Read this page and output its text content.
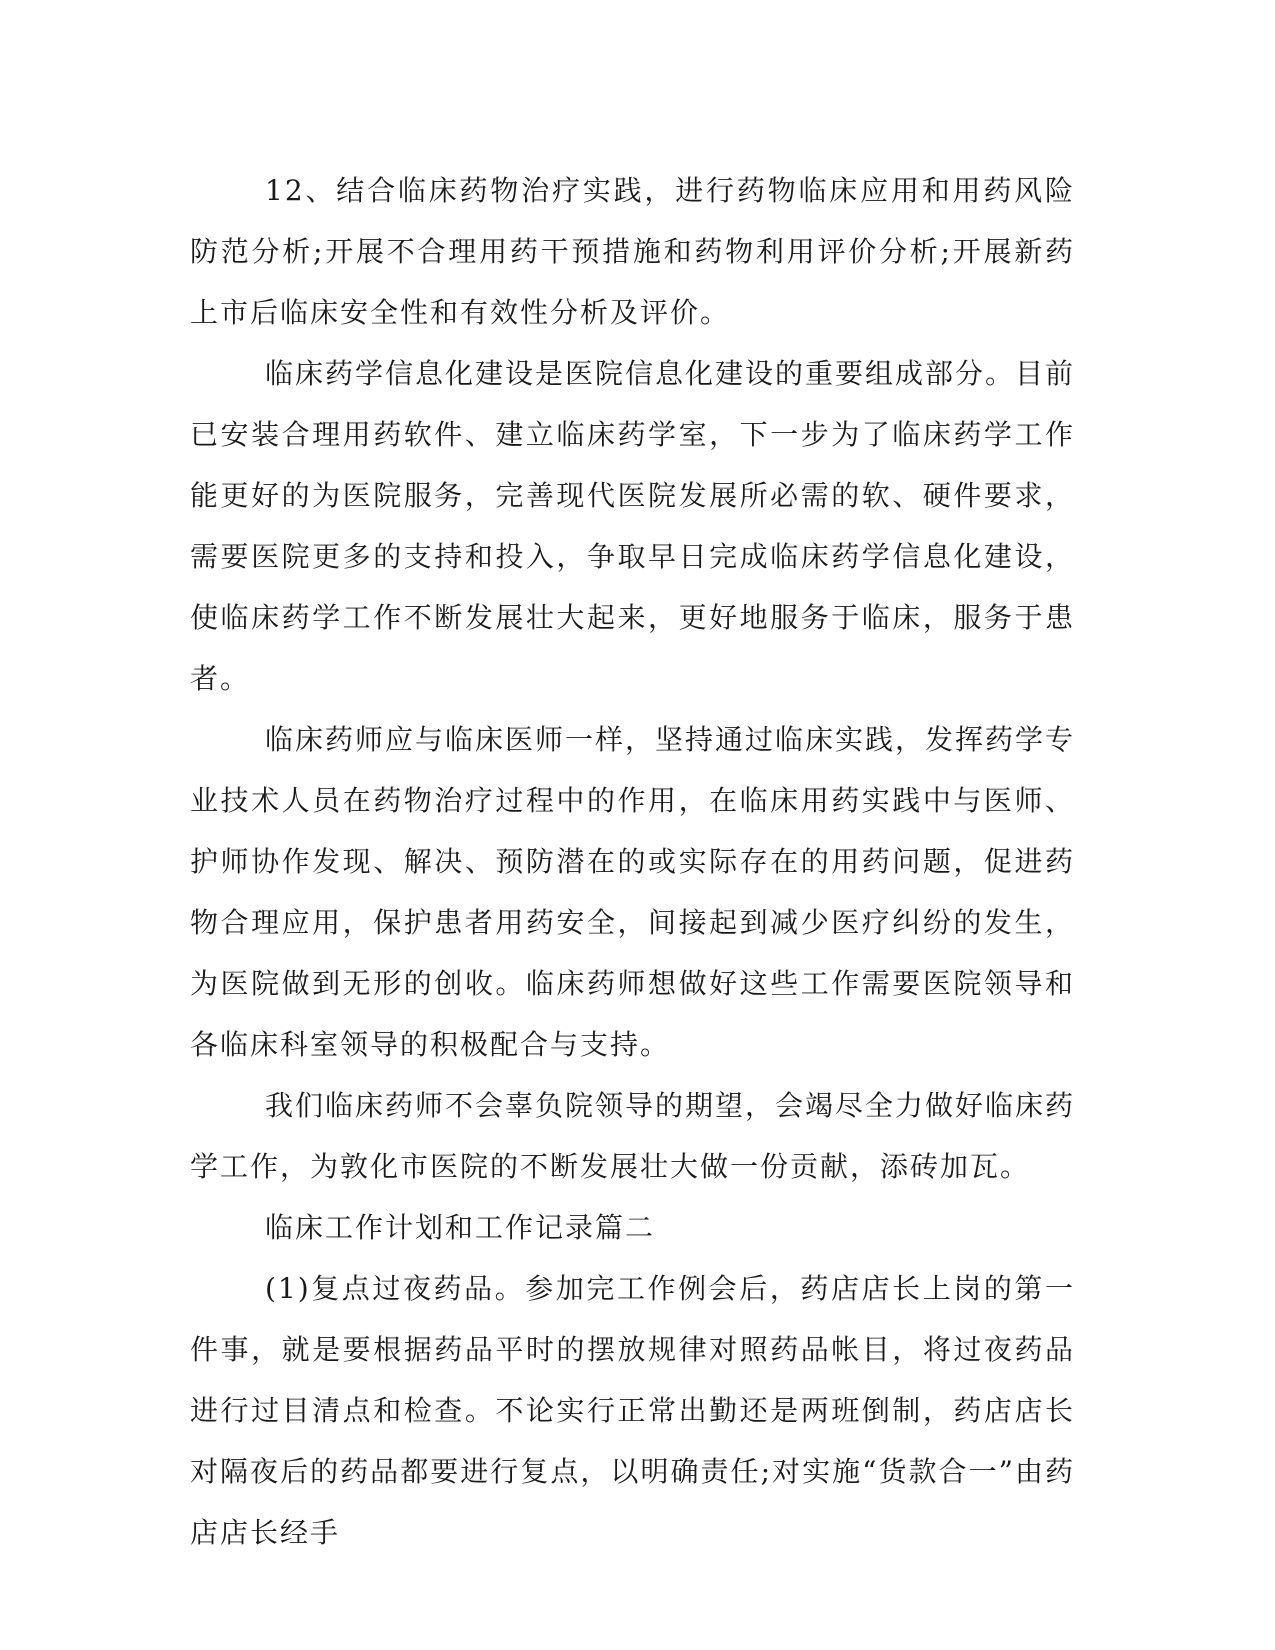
12、结合临床药物治疗实践，进行药物临床应用和用药风险防范分析;开展不合理用药干预措施和药物利用评价分析;开展新药上市后临床安全性和有效性分析及评价。

临床药学信息化建设是医院信息化建设的重要组成部分。目前已安装合理用药软件、建立临床药学室，下一步为了临床药学工作能更好的为医院服务，完善现代医院发展所必需的软、硬件要求，需要医院更多的支持和投入，争取早日完成临床药学信息化建设，使临床药学工作不断发展壮大起来，更好地服务于临床，服务于患者。

临床药师应与临床医师一样，坚持通过临床实践，发挥药学专业技术人员在药物治疗过程中的作用，在临床用药实践中与医师、护师协作发现、解决、预防潜在的或实际存在的用药问题，促进药物合理应用，保护患者用药安全，间接起到减少医疗纠纷的发生，为医院做到无形的创收。临床药师想做好这些工作需要医院领导和各临床科室领导的积极配合与支持。

我们临床药师不会辜负院领导的期望，会竭尽全力做好临床药学工作，为敦化市医院的不断发展壮大做一份贡献，添砖加瓦。

临床工作计划和工作记录篇二

(1)复点过夜药品。参加完工作例会后，药店店长上岗的第一件事，就是要根据药品平时的摆放规律对照药品帐目，将过夜药品进行过目清点和检查。不论实行正常出勤还是两班倒制，药店店长对隔夜后的药品都要进行复点，以明确责任;对实施“货款合一”由药店店长经手
